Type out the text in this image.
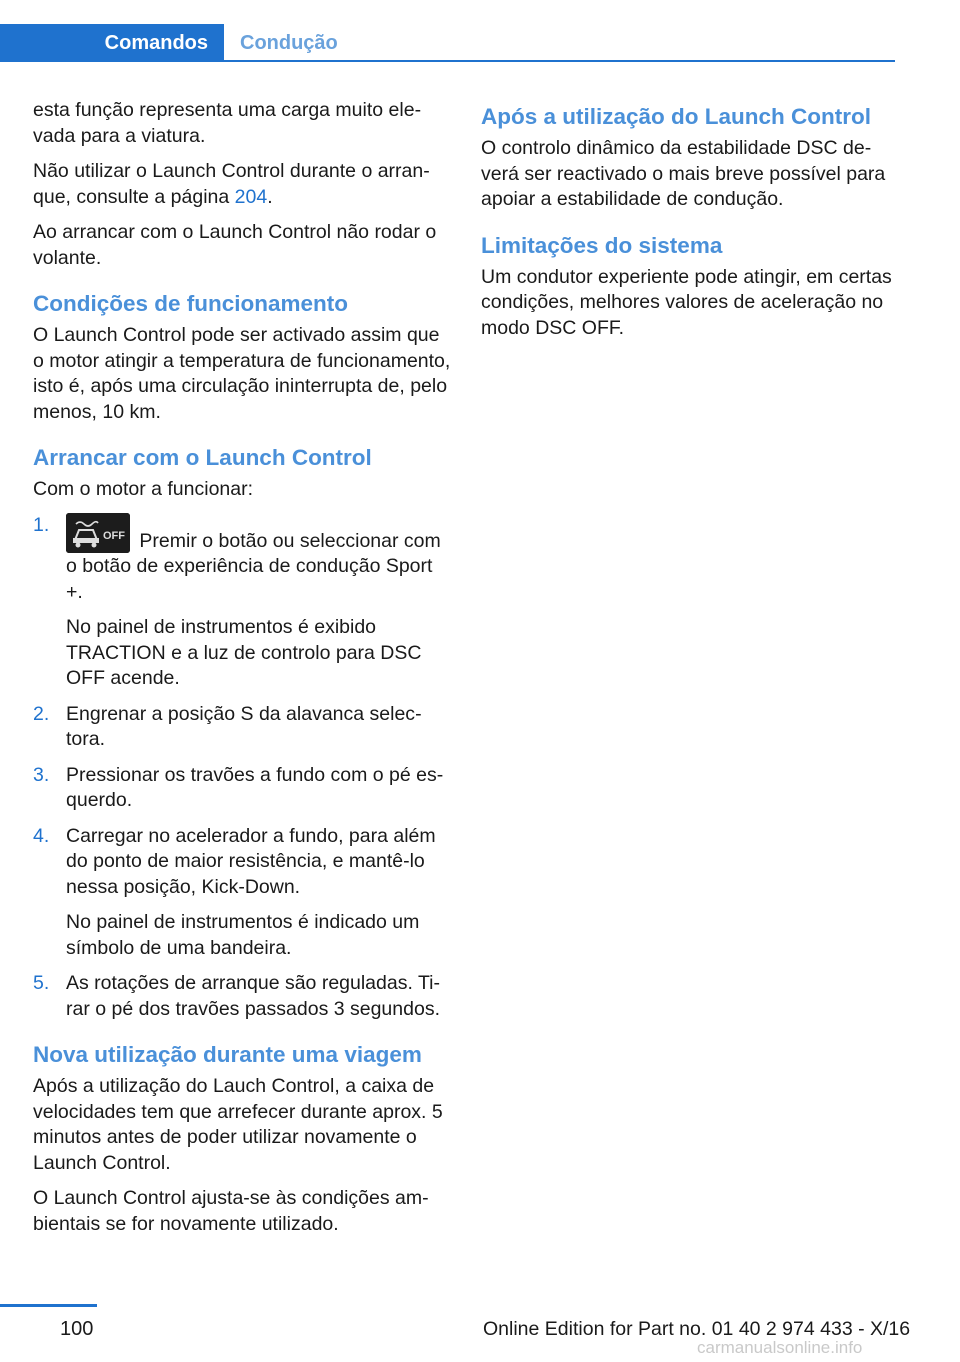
Comandos	Condução

esta função representa uma carga muito elevada para a viatura.

Não utilizar o Launch Control durante o arranque, consulte a página 204.

Ao arrancar com o Launch Control não rodar o volante.

Condições de funcionamento

O Launch Control pode ser activado assim que o motor atingir a temperatura de funcionamento, isto é, após uma circulação ininterrupta de, pelo menos, 10 km.

Arrancar com o Launch Control

Com o motor a funcionar:

1.	OFF Premir o botão ou seleccionar com o botão de experiência de condução Sport +.

No painel de instrumentos é exibido TRACTION e a luz de controlo para DSC OFF acende.

2. Engrenar a posição S da alavanca selectora.

3. Pressionar os travões a fundo com o pé esquerdo.

4. Carregar no acelerador a fundo, para além do ponto de maior resistência, e mantê-lo nessa posição, Kick-Down.

No painel de instrumentos é indicado um símbolo de uma bandeira.

5. As rotações de arranque são reguladas. Tirar o pé dos travões passados 3 segundos.

Nova utilização durante uma viagem

Após a utilização do Lauch Control, a caixa de velocidades tem que arrefecer durante aprox. 5 minutos antes de poder utilizar novamente o Launch Control.

O Launch Control ajusta-se às condições ambientais se for novamente utilizado.

Após a utilização do Launch Control

O controlo dinâmico da estabilidade DSC deverá ser reactivado o mais breve possível para apoiar a estabilidade de condução.

Limitações do sistema

Um condutor experiente pode atingir, em certas condições, melhores valores de aceleração no modo DSC OFF.

100	Online Edition for Part no. 01 40 2 974 433 - X/16
carmanualsonline.info
